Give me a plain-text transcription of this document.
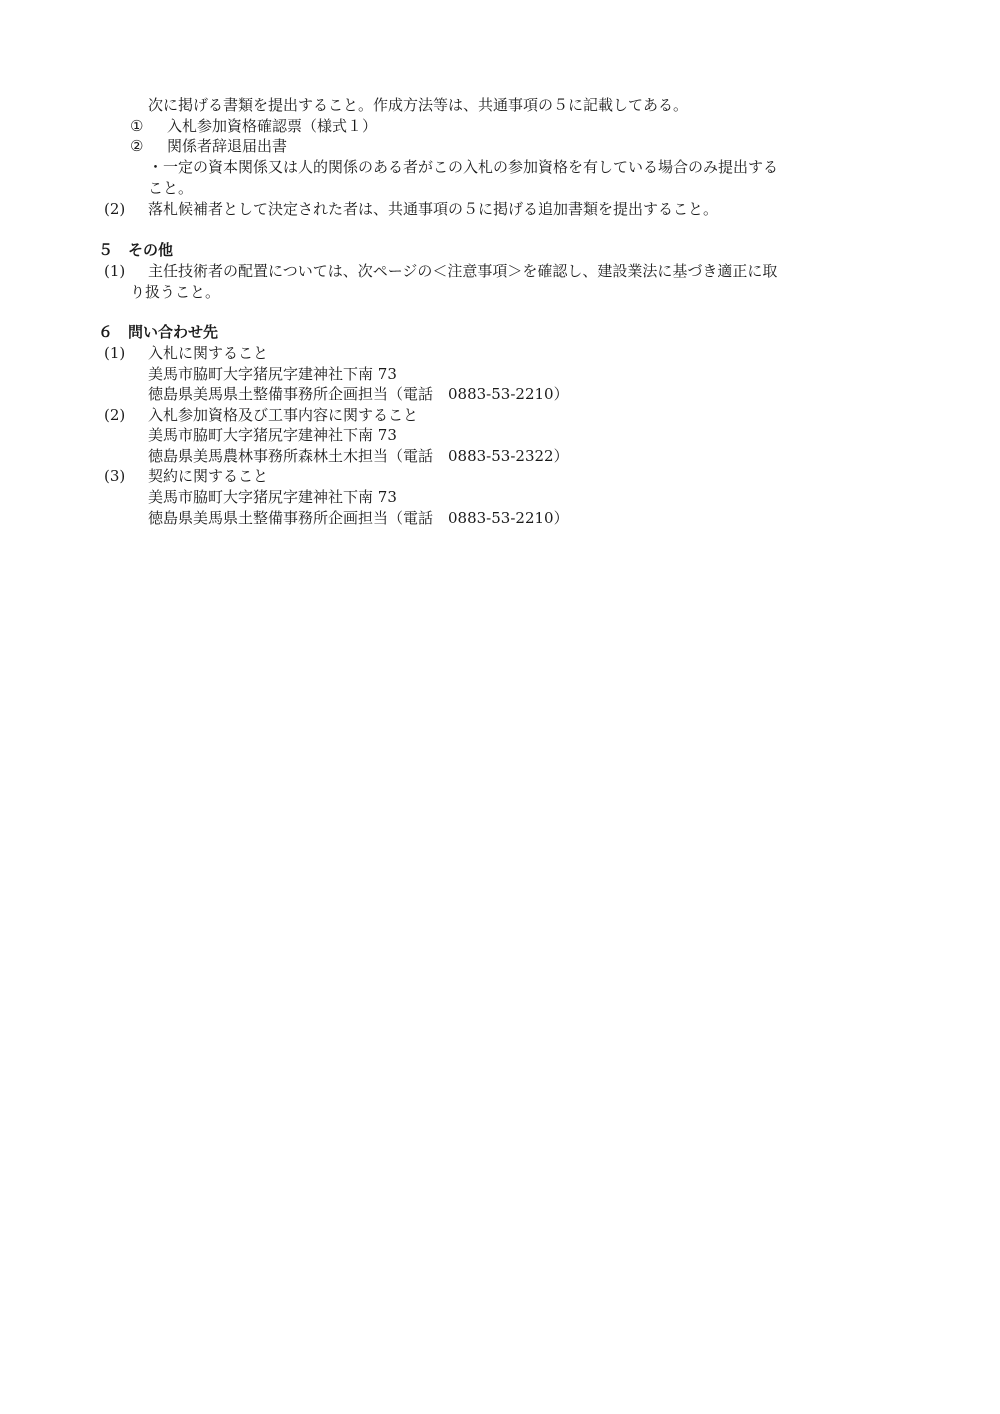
次に掲げる書類を提出すること。作成方法等は、共通事項の５に記載してある。
① 入札参加資格確認票（様式１）
② 関係者辞退届出書
・一定の資本関係又は人的関係のある者がこの入札の参加資格を有している場合のみ提出する
こと。
(2) 落札候補者として決定された者は、共通事項の５に掲げる追加書類を提出すること。
５　その他
(1) 主任技術者の配置については、次ページの＜注意事項＞を確認し、建設業法に基づき適正に取
り扱うこと。
６　問い合わせ先
(1) 入札に関すること
美馬市脇町大字猪尻字建神社下南 73
徳島県美馬県土整備事務所企画担当（電話　0883-53-2210）
(2) 入札参加資格及び工事内容に関すること
美馬市脇町大字猪尻字建神社下南 73
徳島県美馬農林事務所森林土木担当（電話　0883-53-2322）
(3) 契約に関すること
美馬市脇町大字猪尻字建神社下南 73
徳島県美馬県土整備事務所企画担当（電話　0883-53-2210）
